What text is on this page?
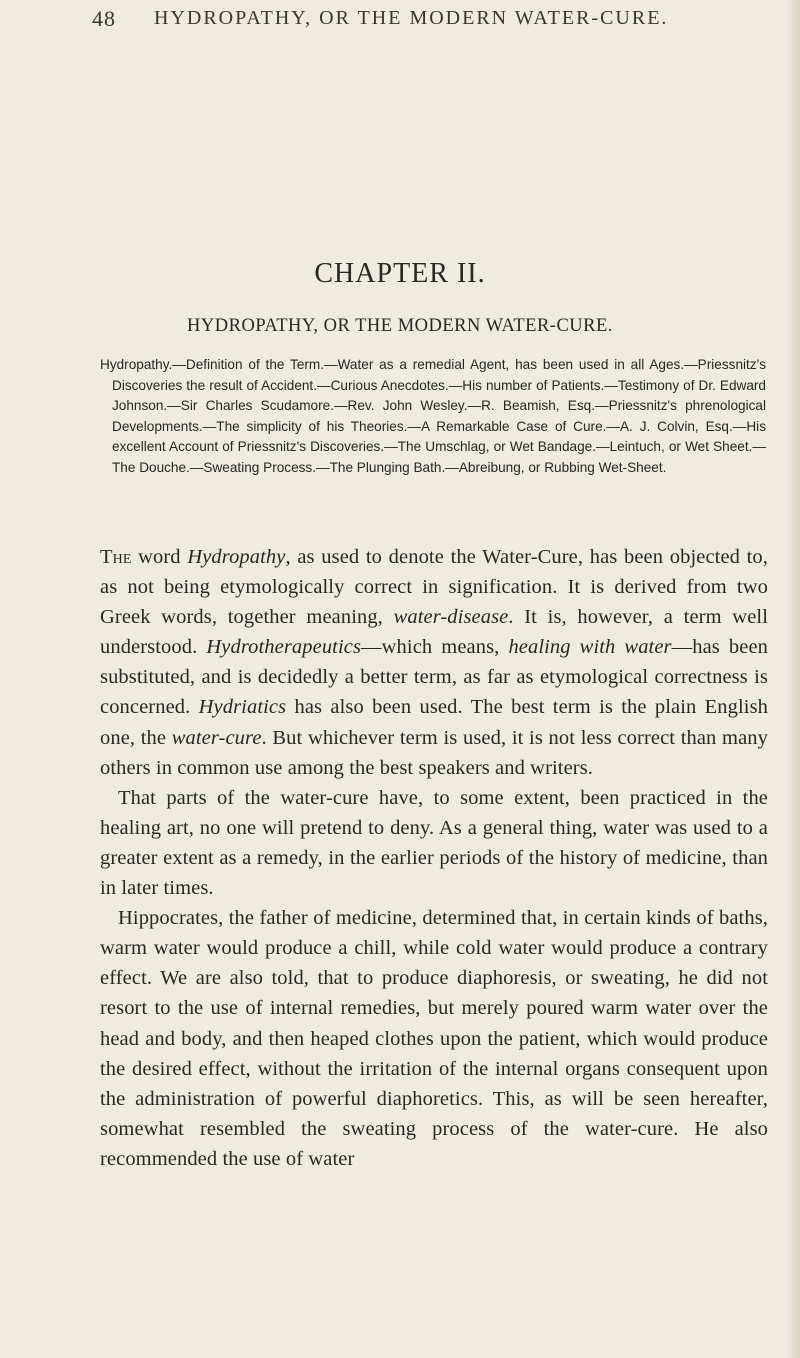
48 HYDROPATHY, OR THE MODERN WATER-CURE.
CHAPTER II.
HYDROPATHY, OR THE MODERN WATER-CURE.
Hydropathy.—Definition of the Term.—Water as a remedial Agent, has been used in all Ages.—Priessnitz's Discoveries the result of Accident.—Curious Anecdotes.—His number of Patients.—Testimony of Dr. Edward Johnson.—Sir Charles Scudamore.—Rev. John Wesley.—R. Beamish, Esq.—Priessnitz's phrenological Developments.—The simplicity of his Theories.—A Remarkable Case of Cure.—A. J. Colvin, Esq.—His excellent Account of Priessnitz's Discoveries.—The Umschlag, or Wet Bandage.—Leintuch, or Wet Sheet.—The Douche.—Sweating Process.—The Plunging Bath.—Abreibung, or Rubbing Wet-Sheet.

The word Hydropathy, as used to denote the Water-Cure, has been objected to, as not being etymologically correct in signification. It is derived from two Greek words, together meaning, water-disease. It is, however, a term well understood. Hydrotherapeutics—which means, healing with water—has been substituted, and is decidedly a better term, as far as etymological correctness is concerned. Hydriatics has also been used. The best term is the plain English one, the water-cure. But whichever term is used, it is not less correct than many others in common use among the best speakers and writers.

That parts of the water-cure have, to some extent, been practiced in the healing art, no one will pretend to deny. As a general thing, water was used to a greater extent as a remedy, in the earlier periods of the history of medicine, than in later times.

Hippocrates, the father of medicine, determined that, in certain kinds of baths, warm water would produce a chill, while cold water would produce a contrary effect. We are also told, that to produce diaphoresis, or sweating, he did not resort to the use of internal remedies, but merely poured warm water over the head and body, and then heaped clothes upon the patient, which would produce the desired effect, without the irritation of the internal organs consequent upon the administration of powerful diaphoretics. This, as will be seen hereafter, somewhat resembled the sweating process of the water-cure. He also recommended the use of water
